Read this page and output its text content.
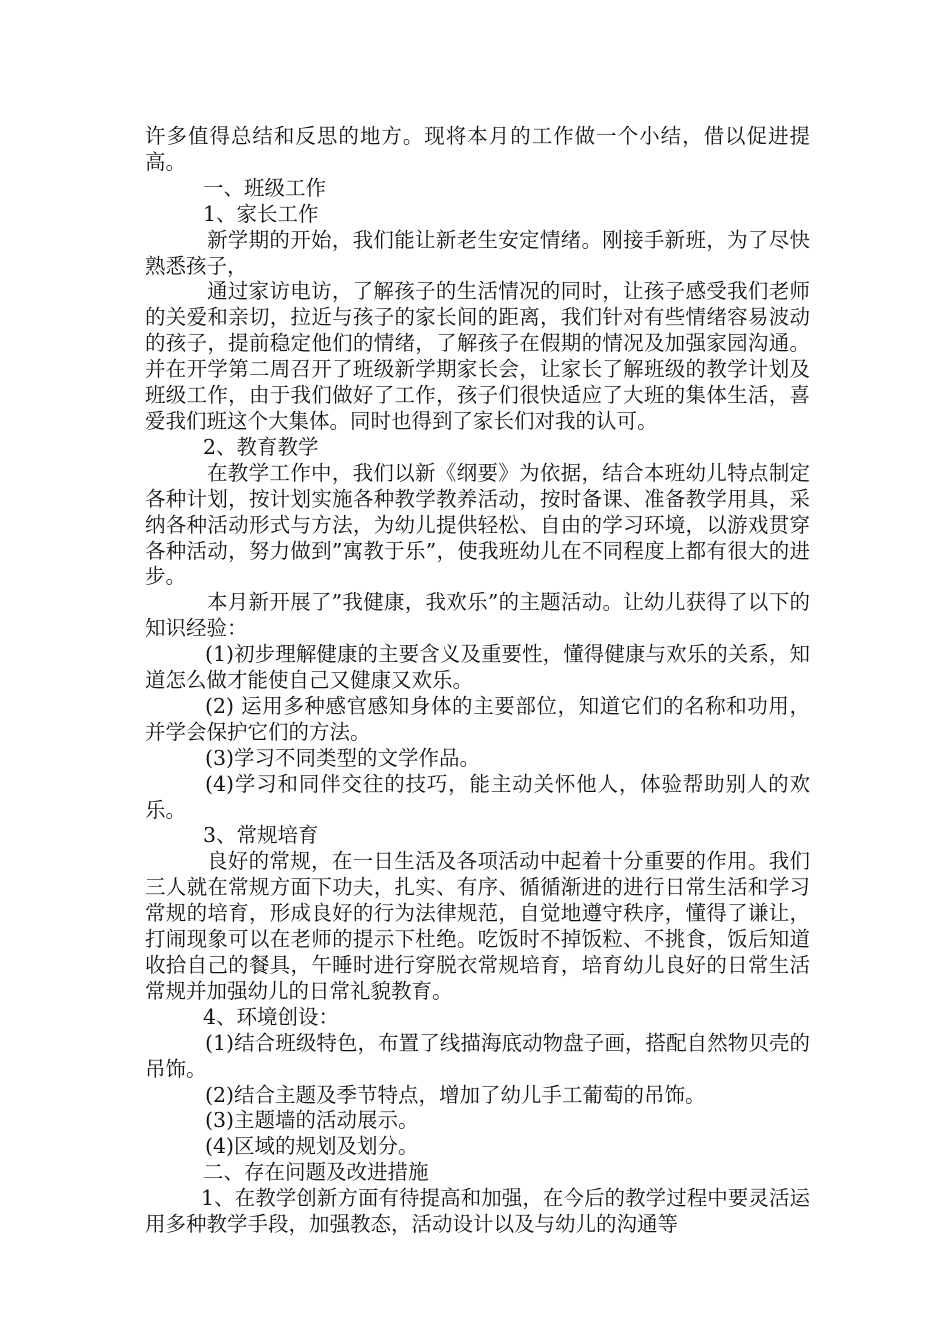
许多值得总结和反思的地方。现将本月的工作做一个小结，借以促进提高。

一、班级工作

1、家长工作

新学期的开始，我们能让新老生安定情绪。刚接手新班，为了尽快熟悉孩子，

通过家访电访，了解孩子的生活情况的同时，让孩子感受我们老师的关爱和亲切，拉近与孩子的家长间的距离，我们针对有些情绪容易波动的孩子，提前稳定他们的情绪，了解孩子在假期的情况及加强家园沟通。并在开学第二周召开了班级新学期家长会，让家长了解班级的教学计划及班级工作，由于我们做好了工作，孩子们很快适应了大班的集体生活，喜爱我们班这个大集体。同时也得到了家长们对我的认可。

2、教育教学

在教学工作中，我们以新《纲要》为依据，结合本班幼儿特点制定各种计划，按计划实施各种教学教养活动，按时备课、准备教学用具，采纳各种活动形式与方法，为幼儿提供轻松、自由的学习环境，以游戏贯穿各种活动，努力做到”寓教于乐”，使我班幼儿在不同程度上都有很大的进步。

本月新开展了”我健康，我欢乐”的主题活动。让幼儿获得了以下的知识经验：

(1)初步理解健康的主要含义及重要性，懂得健康与欢乐的关系，知道怎么做才能使自己又健康又欢乐。

(2) 运用多种感官感知身体的主要部位，知道它们的名称和功用，并学会保护它们的方法。

(3)学习不同类型的文学作品。

(4)学习和同伴交往的技巧，能主动关怀他人，体验帮助别人的欢乐。

3、常规培育

良好的常规，在一日生活及各项活动中起着十分重要的作用。我们三人就在常规方面下功夫，扎实、有序、循循渐进的进行日常生活和学习常规的培育，形成良好的行为法律规范，自觉地遵守秩序，懂得了谦让，打闹现象可以在老师的提示下杜绝。吃饭时不掉饭粒、不挑食，饭后知道收拾自己的餐具，午睡时进行穿脱衣常规培育，培育幼儿良好的日常生活常规并加强幼儿的日常礼貌教育。

4、环境创设：

(1)结合班级特色，布置了线描海底动物盘子画，搭配自然物贝壳的吊饰。

(2)结合主题及季节特点，增加了幼儿手工葡萄的吊饰。

(3)主题墙的活动展示。

(4)区域的规划及划分。

二、存在问题及改进措施

1、在教学创新方面有待提高和加强，在今后的教学过程中要灵活运用多种教学手段，加强教态，活动设计以及与幼儿的沟通等
